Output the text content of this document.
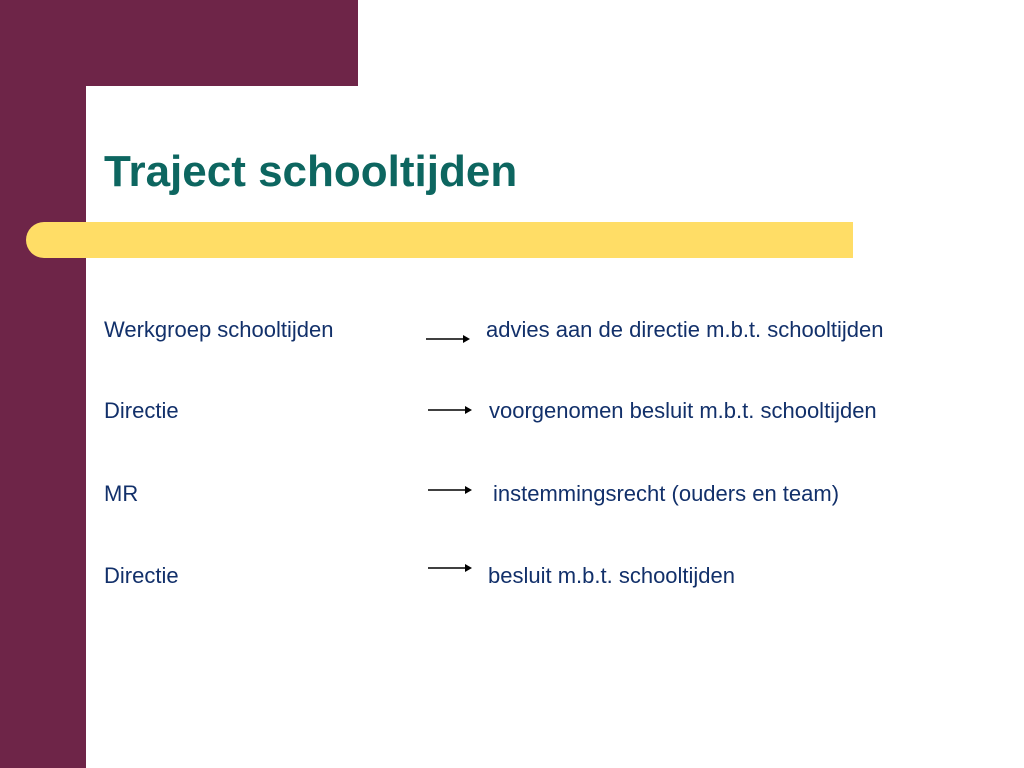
Traject schooltijden
Werkgroep schooltijden	advies aan de directie m.b.t. schooltijden
Directie	voorgenomen besluit m.b.t. schooltijden
MR	instemmingsrecht (ouders en team)
Directie	besluit m.b.t. schooltijden
